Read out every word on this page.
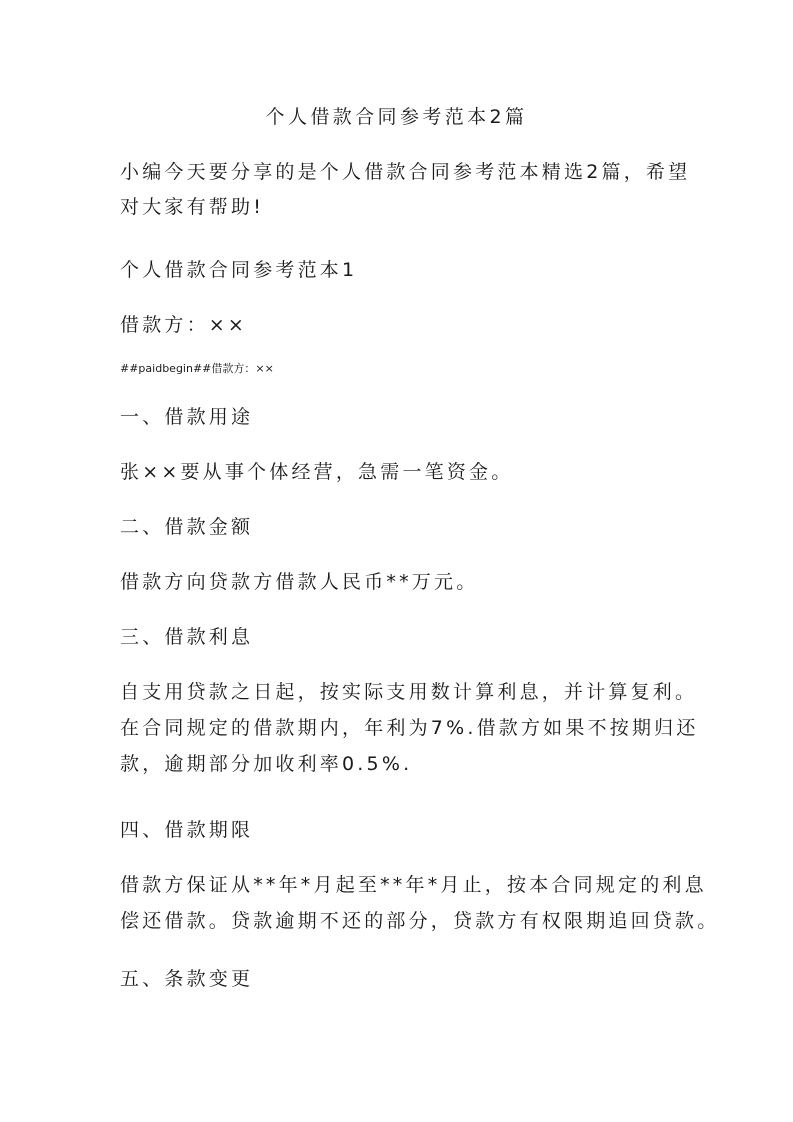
个人借款合同参考范本2篇
小编今天要分享的是个人借款合同参考范本精选2篇，希望
对大家有帮助!
个人借款合同参考范本1
借款方：××
##paidbegin##借款方：××
一、借款用途
张××要从事个体经营，急需一笔资金。
二、借款金额
借款方向贷款方借款人民币**万元。
三、借款利息
自支用贷款之日起，按实际支用数计算利息，并计算复利。
在合同规定的借款期内，年利为7%.借款方如果不按期归还
款，逾期部分加收利率0.5%.
四、借款期限
借款方保证从**年*月起至**年*月止，按本合同规定的利息
偿还借款。贷款逾期不还的部分，贷款方有权限期追回贷款。
五、条款变更
